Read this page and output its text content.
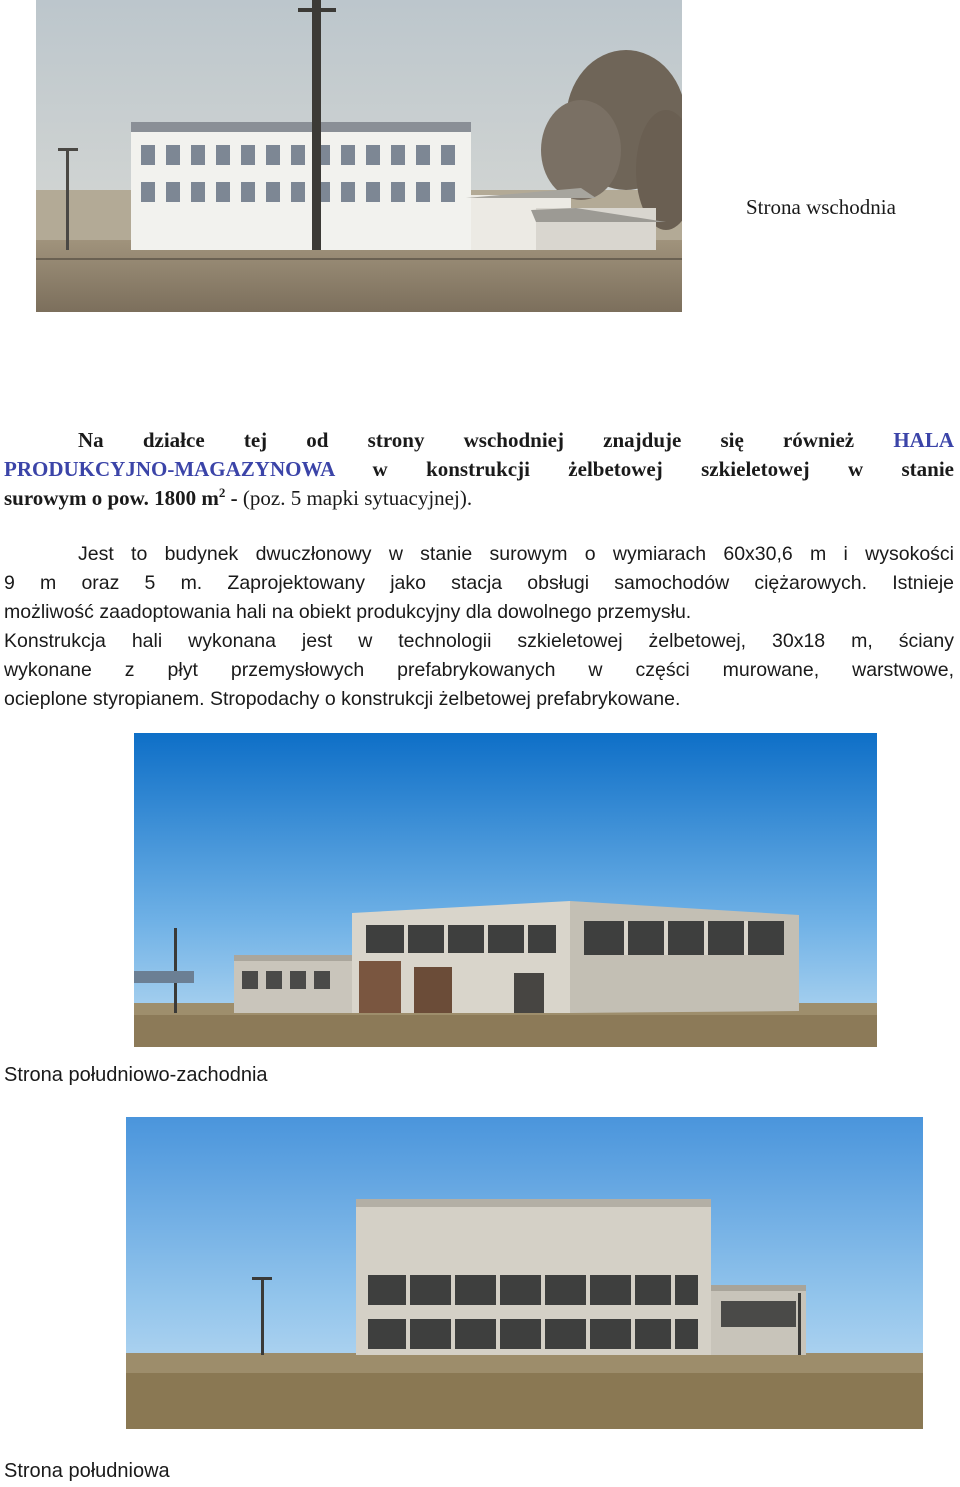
Strona wschodnia
Na działce tej od strony wschodniej znajduje się również HALA
PRODUKCYJNO-MAGAZYNOWA w konstrukcji żelbetowej szkieletowej w stanie
surowym o pow. 1800 $m^2 - (poz$. 5 mapki sytuacyjnej).
Jest to budynek dwuczłonowy w stanie surowym o wymiarach 60x30,6 m i wysokości
9 m oraz 5 m. Zaprojektowany jako stacja obsługi samochodów ciężarowych. Istnieje
możliwość zaadoptowania hali na obiekt produkcyjny dla dowolnego przemysłu.
Konstrukcja hali wykonana jest w technologii szkieletowej żelbetowej, 30x18 m, ściany
wykonane z płyt przemysłowych prefabrykowanych w części murowane, warstwowe,
ocieplone styropianem. Stropodachy o konstrukcji żelbetowej prefabrykowane.
Strona południowo-zachodnia
Strona południowa
